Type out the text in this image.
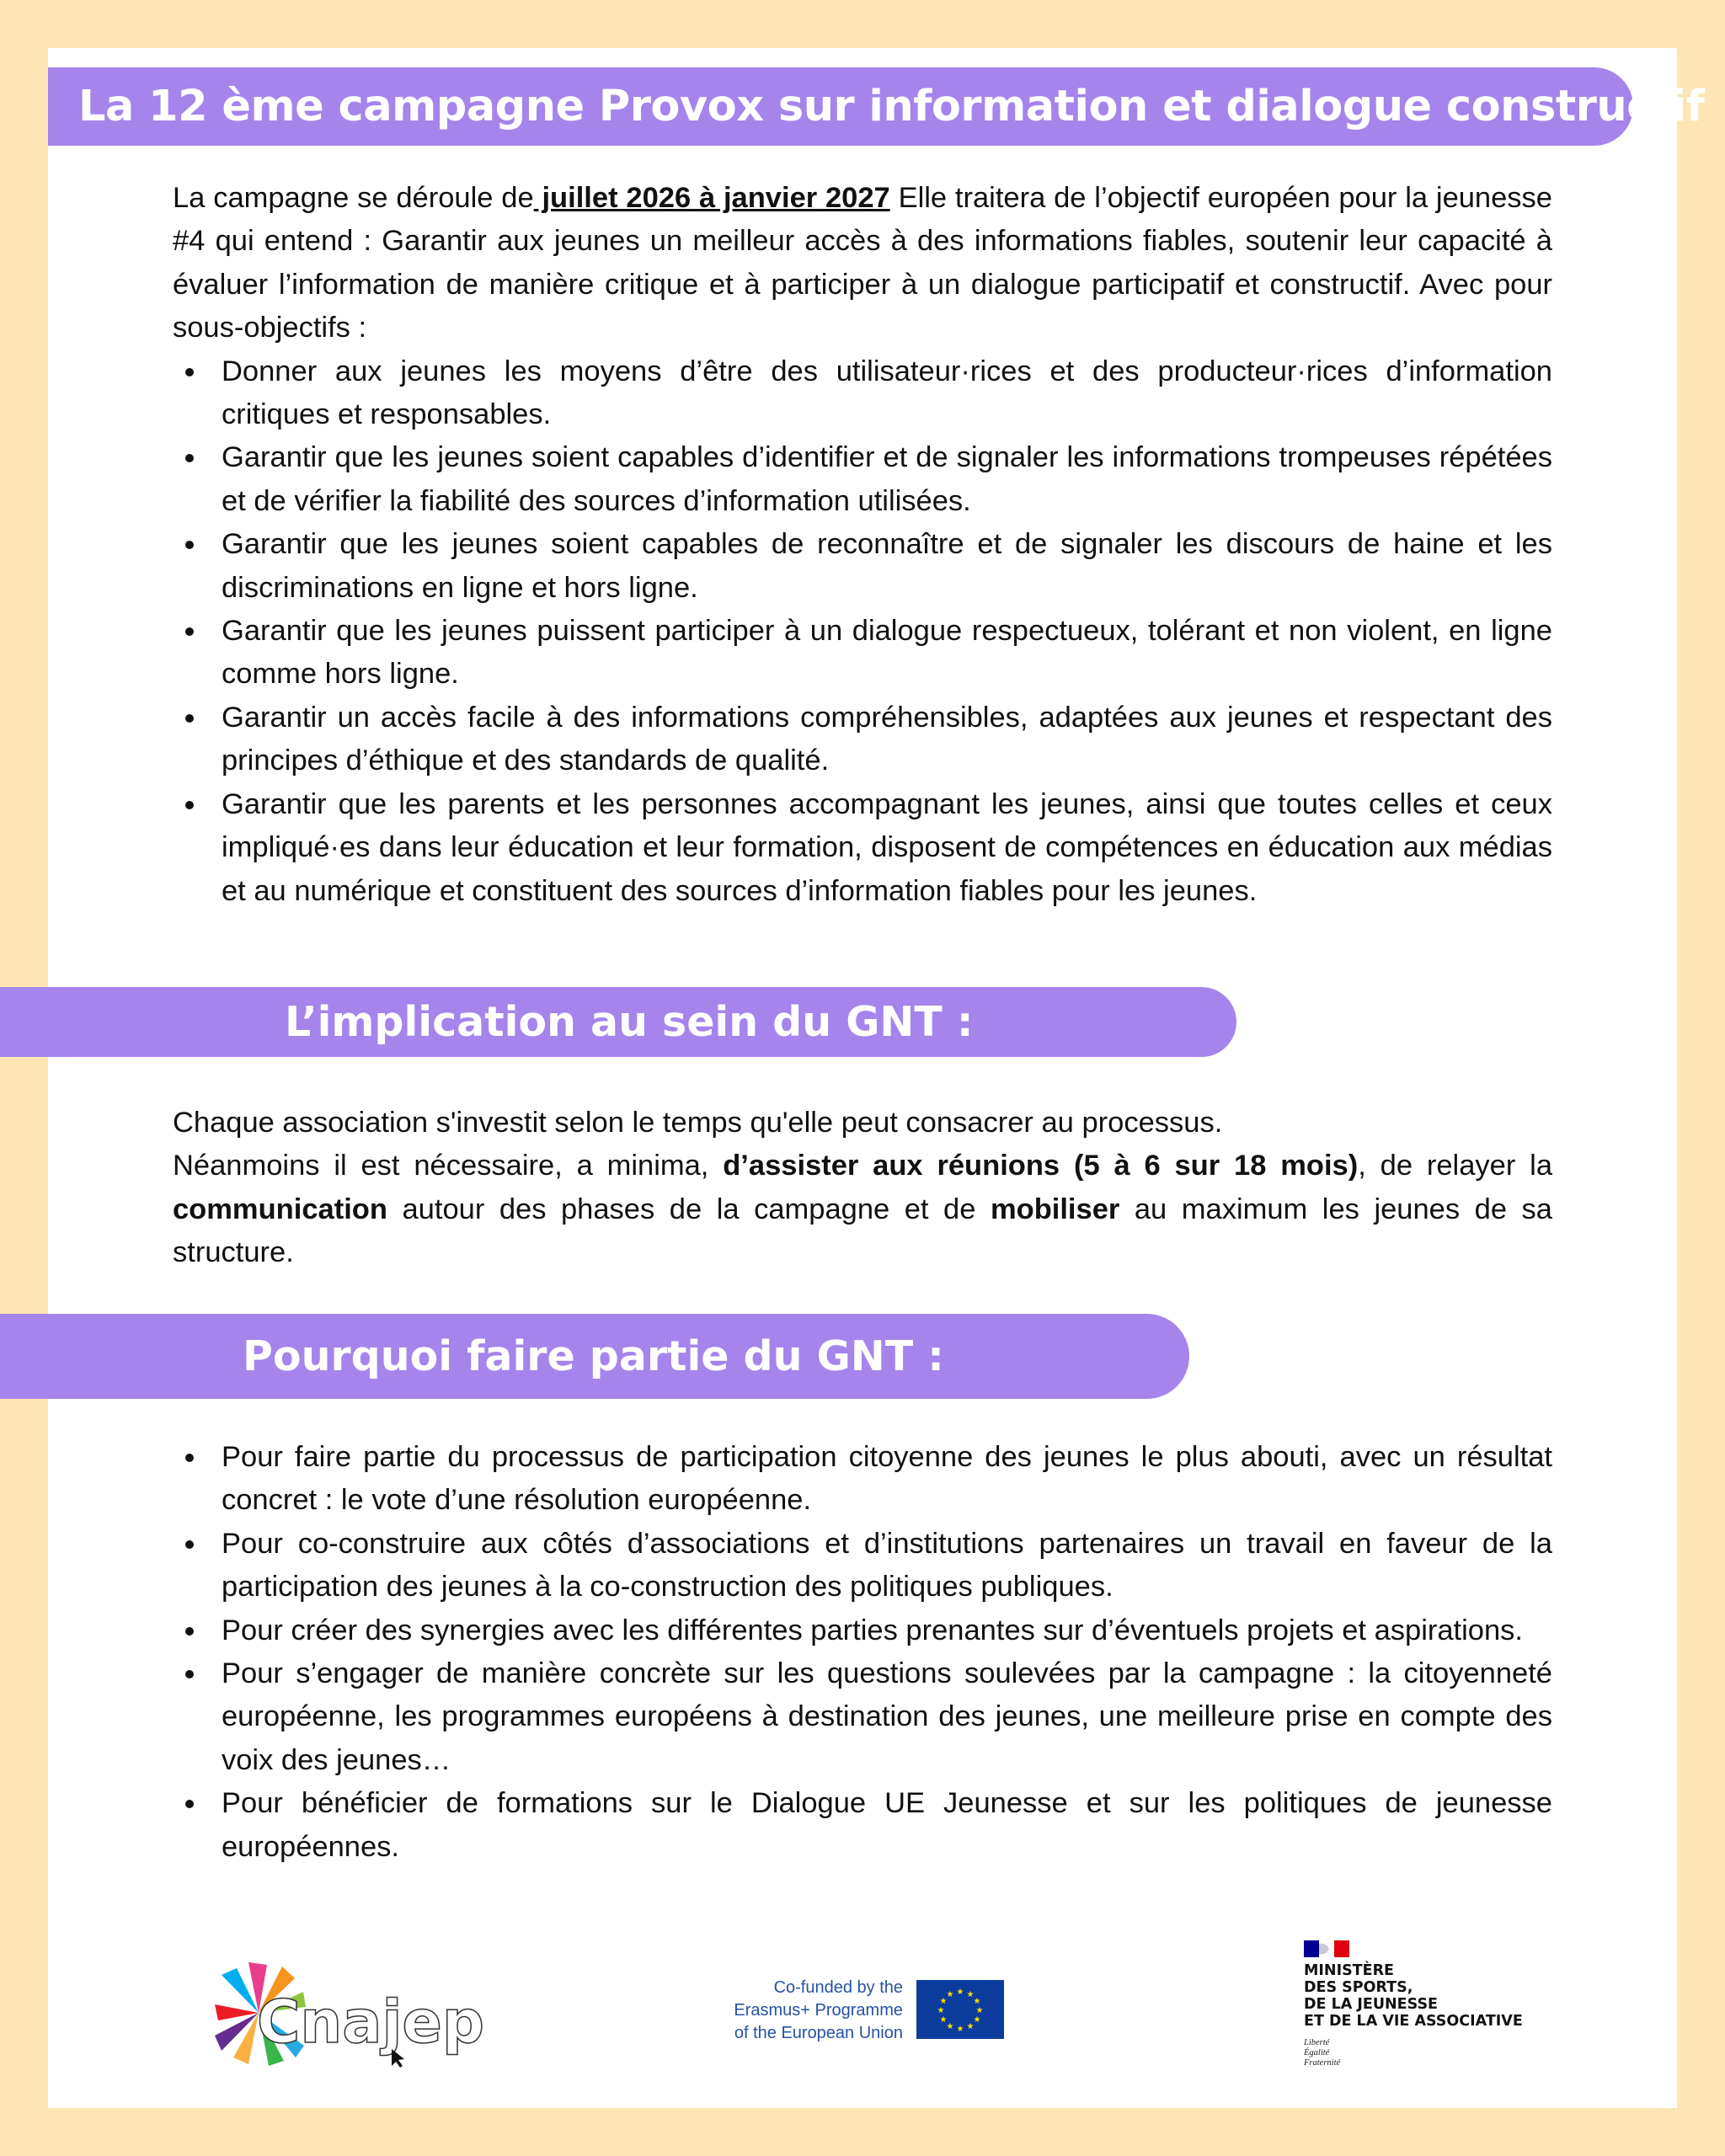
La 12 ème campagne Provox sur information et dialogue constructif

La campagne se déroule de juillet 2026 à janvier 2027 Elle traitera de l’objectif européen pour la jeunesse #4 qui entend : Garantir aux jeunes un meilleur accès à des informations fiables, soutenir leur capacité à évaluer l’information de manière critique et à participer à un dialogue participatif et constructif. Avec pour sous-objectifs :

Donner aux jeunes les moyens d’être des utilisateur·rices et des producteur·rices d’information critiques et responsables.
Garantir que les jeunes soient capables d’identifier et de signaler les informations trompeuses répétées et de vérifier la fiabilité des sources d’information utilisées.
Garantir que les jeunes soient capables de reconnaître et de signaler les discours de haine et les discriminations en ligne et hors ligne.
Garantir que les jeunes puissent participer à un dialogue respectueux, tolérant et non violent, en ligne comme hors ligne.
Garantir un accès facile à des informations compréhensibles, adaptées aux jeunes et respectant des principes d’éthique et des standards de qualité.
Garantir que les parents et les personnes accompagnant les jeunes, ainsi que toutes celles et ceux impliqué·es dans leur éducation et leur formation, disposent de compétences en éducation aux médias et au numérique et constituent des sources d’information fiables pour les jeunes.
L’implication au sein du GNT :

Chaque association s'investit selon le temps qu'elle peut consacrer au processus.
Néanmoins il est nécessaire, a minima, d’assister aux réunions (5 à 6 sur 18 mois), de relayer la communication autour des phases de la campagne et de mobiliser au maximum les jeunes de sa structure.

Pourquoi faire partie du GNT :
Pour faire partie du processus de participation citoyenne des jeunes le plus abouti, avec un résultat concret : le vote d’une résolution européenne.
Pour co-construire aux côtés d’associations et d’institutions partenaires un travail en faveur de la participation des jeunes à la co-construction des politiques publiques.
Pour créer des synergies avec les différentes parties prenantes sur d’éventuels projets et aspirations.
Pour s’engager de manière concrète sur les questions soulevées par la campagne : la citoyenneté européenne, les programmes européens à destination des jeunes, une meilleure prise en compte des voix des jeunes…
Pour bénéficier de formations sur le Dialogue UE Jeunesse et sur les politiques de jeunesse européennes.
Cnajep	Co-funded by the
Erasmus+ Programme
of the European Union
★ ★
★
★
★
★
★
★
★
★
★
★
MINISTÈRE
DES SPORTS,
DE LA JEUNESSE
ET DE LA VIE ASSOCIATIVE
Liberté
Égalité
Fraternité
